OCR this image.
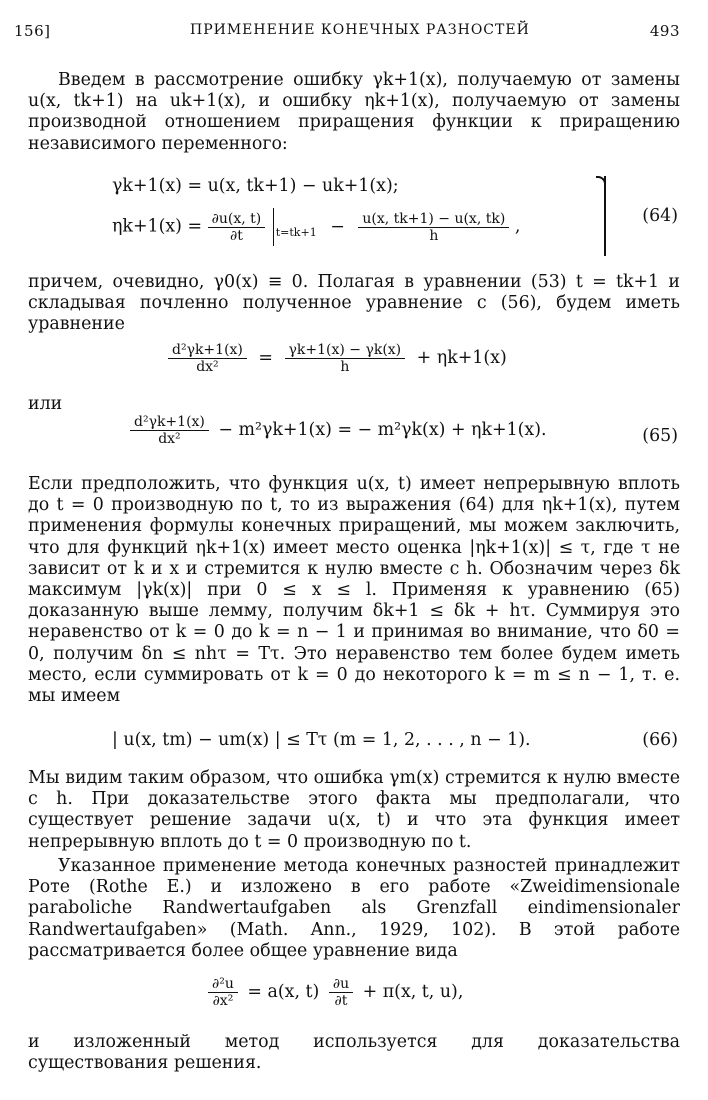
156]	ПРИМЕНЕНИЕ КОНЕЧНЫХ РАЗНОСТЕЙ	493
Введем в рассмотрение ошибку γk+1(x), получаемую от замены u(x, tk+1) на uk+1(x), и ошибку ηk+1(x), получаемую от замены производной отношением приращения функции к приращению независимого переменного:
γk+1(x) = u(x, tk+1) − uk+1(x);
$\eta k+1(x) = \frac{\partial u(x, t)}{\partial t} _{t=tk+1} - \frac{u(x, tk+1) - u(x, tk)}{h}$ ,
(64)
причем, очевидно, γ0(x) ≡ 0. Полагая в уравнении (53) t = tk+1 и складывая почленно полученное уравнение с (56), будем иметь уравнение
$\frac{\text{d²γk+1(x)}}{\text{dx²}} = \frac{\gamma k+1(x) - \gamma k(x)}{h} + \eta k+1(x)$
или
$\frac{\text{d²γk+1(x)}}{\text{dx²}} - m^2\gamma k+1(x)$ = − m²γk(x) + ηk+1(x).	(65)
Если предположить, что функция u(x, t) имеет непрерывную вплоть до t = 0 производную по t, то из выражения (64) для ηk+1(x), путем применения формулы конечных приращений, мы можем заключить, что для функций ηk+1(x) имеет место оценка |ηk+1(x)| ≤ τ, где τ не зависит от k и x и стремится к нулю вместе с h. Обозначим через δk максимум |γk(x)| при 0 ≤ x ≤ l. Применяя к уравнению (65) доказанную выше лемму, получим δk+1 ≤ δk + hτ. Суммируя это неравенство от k = 0 до k = n − 1 и принимая во внимание, что δ0 = 0, получим δn ≤ nhτ = Tτ. Это неравенство тем более будем иметь место, если суммировать от k = 0 до некоторого k = m ≤ n − 1, т. е. мы имеем
| u(x, tm) − um(x) | ≤ Tτ (m = 1, 2, . . . , n − 1).	(66)
Мы видим таким образом, что ошибка γm(x) стремится к нулю вместе с h. При доказательстве этого факта мы предполагали, что существует решение задачи u(x, t) и что эта функция имеет непрерывную вплоть до t = 0 производную по t.
Указанное применение метода конечных разностей принадлежит Роте (Rothe E.) и изложено в его работе «Zweidimensionale paraboliche Randwertaufgaben als Grenzfall eindimensionaler Randwertaufgaben» (Math. Ann., 1929, 102). В этой работе рассматривается более общее уравнение вида
$\frac{\text{∂²u}}{\text{∂x²}} = a(x$, $t) \frac{\partial u}{\partial t} + \pi(x$, t, u),
и изложенный метод используется для доказательства существования решения.
